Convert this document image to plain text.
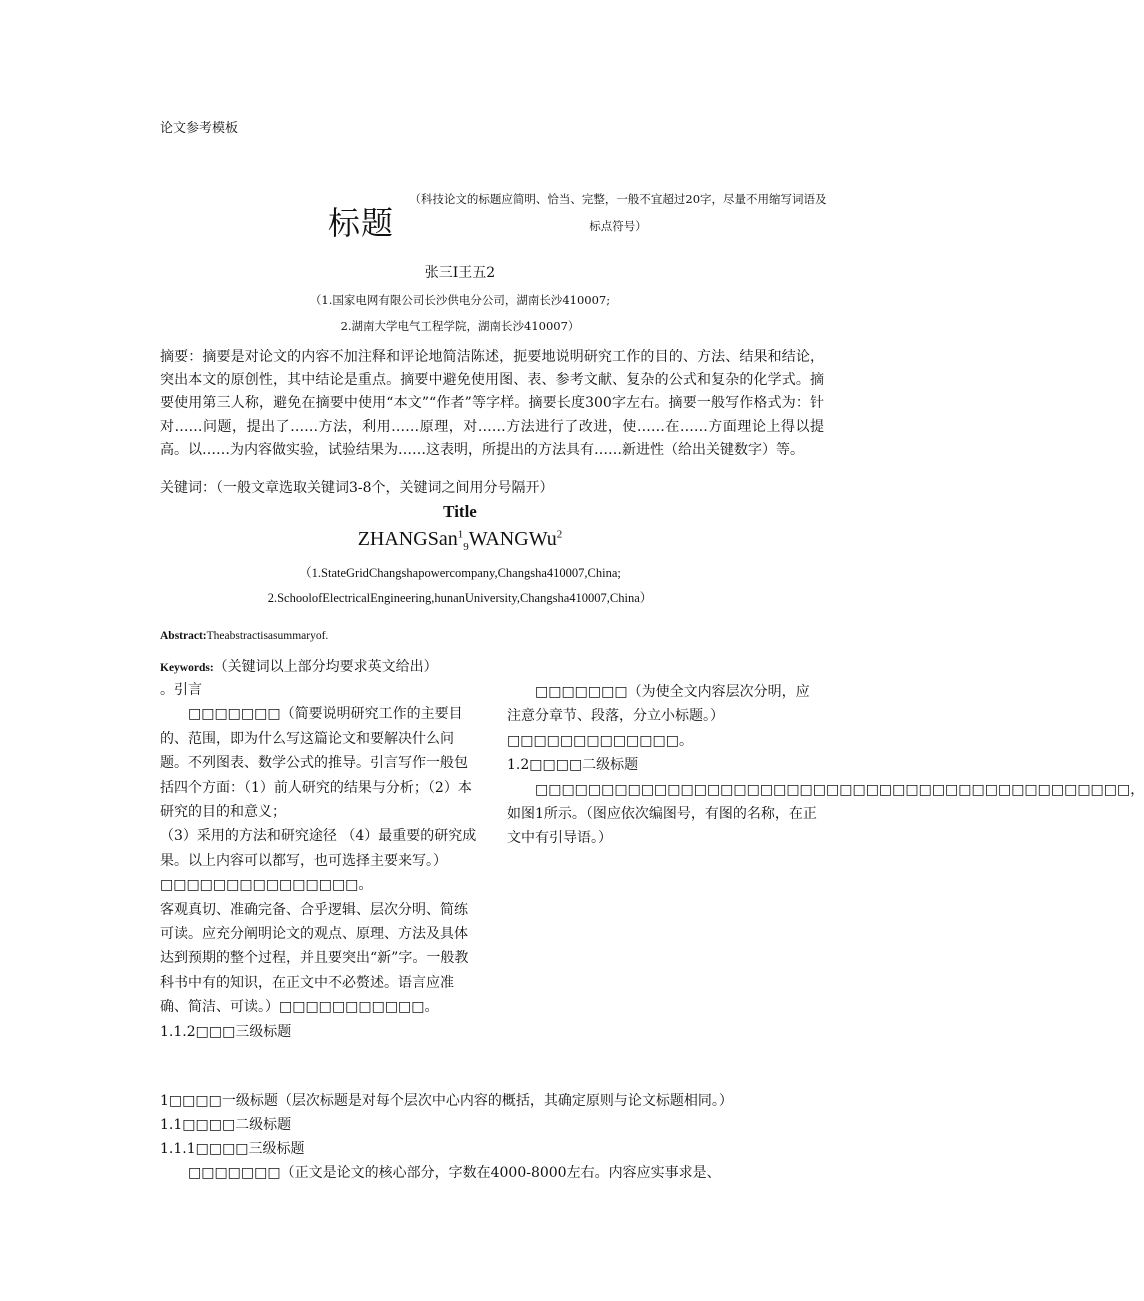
论文参考模板
标题
（科技论文的标题应简明、恰当、完整，一般不宜超过20字，尽量不用缩写词语及标点符号）
张三I王五2
（1.国家电网有限公司长沙供电分公司，湖南长沙410007;
2.湖南大学电气工程学院，湖南长沙410007）
摘要：摘要是对论文的内容不加注释和评论地简洁陈述，扼要地说明研究工作的目的、方法、结果和结论，突出本文的原创性，其中结论是重点。摘要中避免使用图、表、参考文献、复杂的公式和复杂的化学式。摘要使用第三人称，避免在摘要中使用“本文”“作者”等字样。摘要长度300字左右。摘要一般写作格式为：针对……问题，提出了……方法，利用……原理，对……方法进行了改进，使……在……方面理论上得以提高。以……为内容做实验，试验结果为……这表明，所提出的方法具有……新进性（给出关键数字）等。
关键词：（一般文章选取关键词3-8个，关键词之间用分号隔开）
Title
ZHANGSan$^1_9$WANGWu$^2$
（1.StateGridChangshapowercompany,Changsha410007,China;
2.SchoolofElectricalEngineering,hunanUniversity,Changsha410007,China）
Abstract:Theabstractisasummaryof.
Keywords:（关键词以上部分均要求英文给出）

。引言

□□□□□□□（简要说明研究工作的主要目的、范围，即为什么写这篇论文和要解决什么问题。不列图表、数学公式的推导。引言写作一般包括四个方面：（1）前人研究的结果与分析；（2）本研究的目的和意义；

（3）采用的方法和研究途径 （4）最重要的研究成果。以上内容可以都写，也可选择主要来写。）□□□□□□□□□□□□□□□。

客观真切、准确完备、合乎逻辑、层次分明、简练可读。应充分阐明论文的观点、原理、方法及具体达到预期的整个过程，并且要突出“新”字。一般教科书中有的知识，在正文中不必赘述。语言应准确、简洁、可读。）□□□□□□□□□□□。

1.1.2□□□三级标题

□□□□□□□（为使全文内容层次分明，应注意分章节、段落，分立小标题。）□□□□□□□□□□□□□。

1.2□□□□二级标题

□□□□□□□□□□□□□□□□□□□□□□□□□□□□□□□□□□□□□□□□□□□□□，如图1所示。（图应依次编图号，有图的名称，在正文中有引导语。）

1□□□□一级标题（层次标题是对每个层次中心内容的概括，其确定原则与论文标题相同。）

1.1□□□□二级标题

1.1.1□□□□三级标题

□□□□□□□（正文是论文的核心部分，字数在4000-8000左右。内容应实事求是、
